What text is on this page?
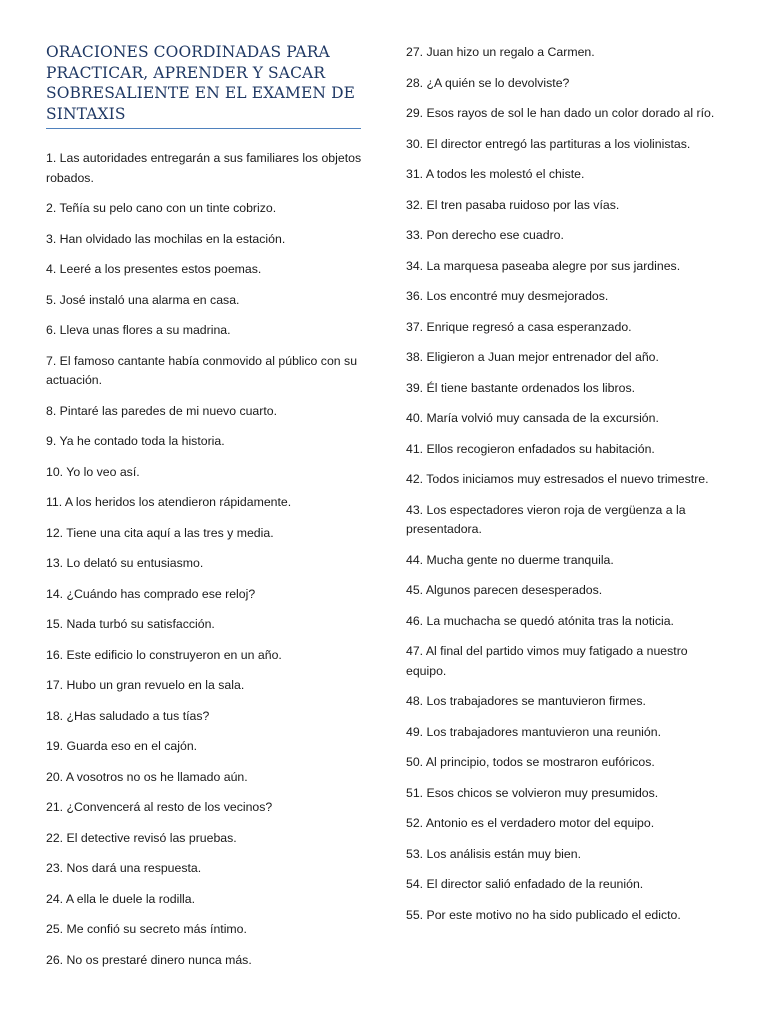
ORACIONES COORDINADAS PARA PRACTICAR, APRENDER Y SACAR SOBRESALIENTE EN EL EXAMEN DE SINTAXIS
1. Las autoridades entregarán a sus familiares los objetos robados.
2. Teñía su pelo cano con un tinte cobrizo.
3. Han olvidado las mochilas en la estación.
4. Leeré a los presentes estos poemas.
5. José instaló una alarma en casa.
6. Lleva unas flores a su madrina.
7. El famoso cantante había conmovido al público con su actuación.
8. Pintaré las paredes de mi nuevo cuarto.
9. Ya he contado toda la historia.
10. Yo lo veo así.
11. A los heridos los atendieron rápidamente.
12. Tiene una cita aquí a las tres y media.
13. Lo delató su entusiasmo.
14. ¿Cuándo has comprado ese reloj?
15. Nada turbó su satisfacción.
16. Este edificio lo construyeron en un año.
17. Hubo un gran revuelo en la sala.
18. ¿Has saludado a tus tías?
19. Guarda eso en el cajón.
20. A vosotros no os he llamado aún.
21. ¿Convencerá al resto de los vecinos?
22. El detective revisó las pruebas.
23. Nos dará una respuesta.
24. A ella le duele la rodilla.
25. Me confió su secreto más íntimo.
26. No os prestaré dinero nunca más.
27. Juan hizo un regalo a Carmen.
28. ¿A quién se lo devolviste?
29. Esos rayos de sol le han dado un color dorado al río.
30. El director entregó las partituras a los violinistas.
31. A todos les molestó el chiste.
32. El tren pasaba ruidoso por las vías.
33. Pon derecho ese cuadro.
34. La marquesa paseaba alegre por sus jardines.
36. Los encontré muy desmejorados.
37. Enrique regresó a casa esperanzado.
38. Eligieron a Juan mejor entrenador del año.
39. Él tiene bastante ordenados los libros.
40. María volvió muy cansada de la excursión.
41. Ellos recogieron enfadados su habitación.
42. Todos iniciamos muy estresados el nuevo trimestre.
43. Los espectadores vieron roja de vergüenza a la presentadora.
44. Mucha gente no duerme tranquila.
45. Algunos parecen desesperados.
46. La muchacha se quedó atónita tras la noticia.
47. Al final del partido vimos muy fatigado a nuestro equipo.
48. Los trabajadores se mantuvieron firmes.
49. Los trabajadores mantuvieron una reunión.
50. Al principio, todos se mostraron eufóricos.
51. Esos chicos se volvieron muy presumidos.
52. Antonio es el verdadero motor del equipo.
53. Los análisis están muy bien.
54. El director salió enfadado de la reunión.
55. Por este motivo no ha sido publicado el edicto.
